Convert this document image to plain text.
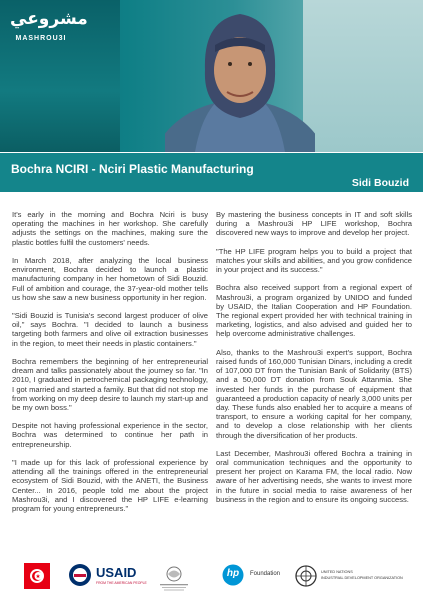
مشروعي
MASHROU3I
Bochra NCIRI - Nciri Plastic Manufacturing
Sidi Bouzid

It's early in the morning and Bochra Nciri is busy operating the machines in her workshop. She carefully adjusts the settings on the machines, making sure the plastic bottles fulfil the customers' needs.

In March 2018, after analyzing the local business environment, Bochra decided to launch a plastic manufacturing company in her hometown of Sidi Bouzid. Full of ambition and courage, the 37-year-old mother tells us how she saw a new business opportunity in her region.

"Sidi Bouzid is Tunisia's second largest producer of olive oil," says Bochra. "I decided to launch a business targeting both farmers and olive oil extraction businesses in the region, to meet their needs in plastic containers."

Bochra remembers the beginning of her entrepreneurial dream and talks passionately about the journey so far. "In 2010, I graduated in petrochemical packaging technology, I got married and started a family. But that did not stop me from working on my deep desire to launch my start-up and be my own boss."

Despite not having professional experience in the sector, Bochra was determined to continue her path in entrepreneurship.

"I made up for this lack of professional experience by attending all the trainings offered in the entrepreneurial ecosystem of Sidi Bouzid, with the ANETI, the Business Center... In 2016, people told me about the project Mashrou3i, and I discovered the HP LIFE e-learning program for young entrepreneurs."

By mastering the business concepts in IT and soft skills during a Mashrou3i HP LIFE workshop, Bochra discovered new ways to improve and develop her project.

"The HP LIFE program helps you to build a project that matches your skills and abilities, and you grow confidence in your project and its success."

Bochra also received support from a regional expert of Mashrou3i, a program organized by UNIDO and funded by USAID, the Italian Cooperation and HP Foundation. The regional expert provided her with technical training in marketing, logistics, and also advised and guided her to help overcome administrative challenges.

Also, thanks to the Mashrou3i expert's support, Bochra raised funds of 160,000 Tunisian Dinars, including a credit of 107,000 DT from the Tunisian Bank of Solidarity (BTS) and a 50,000 DT donation from Souk Attanmia. She invested her funds in the purchase of equipment that guaranteed a production capacity of nearly 3,000 units per day. These funds also enabled her to acquire a means of transport, to ensure a working capital for her company, and to develop a close relationship with her clients through the diversification of her products.

Last December, Mashrou3i offered Bochra a training in oral communication techniques and the opportunity to present her project on Karama FM, the local radio. Now aware of her advertising needs, she wants to invest more in the future in social media to raise awareness of her business in the region and to ensure its ongoing success.

USAID
FROM THE AMERICAN PEOPLE
hp	Foundation	UNITED NATIONS
INDUSTRIAL DEVELOPMENT ORGANIZATION
